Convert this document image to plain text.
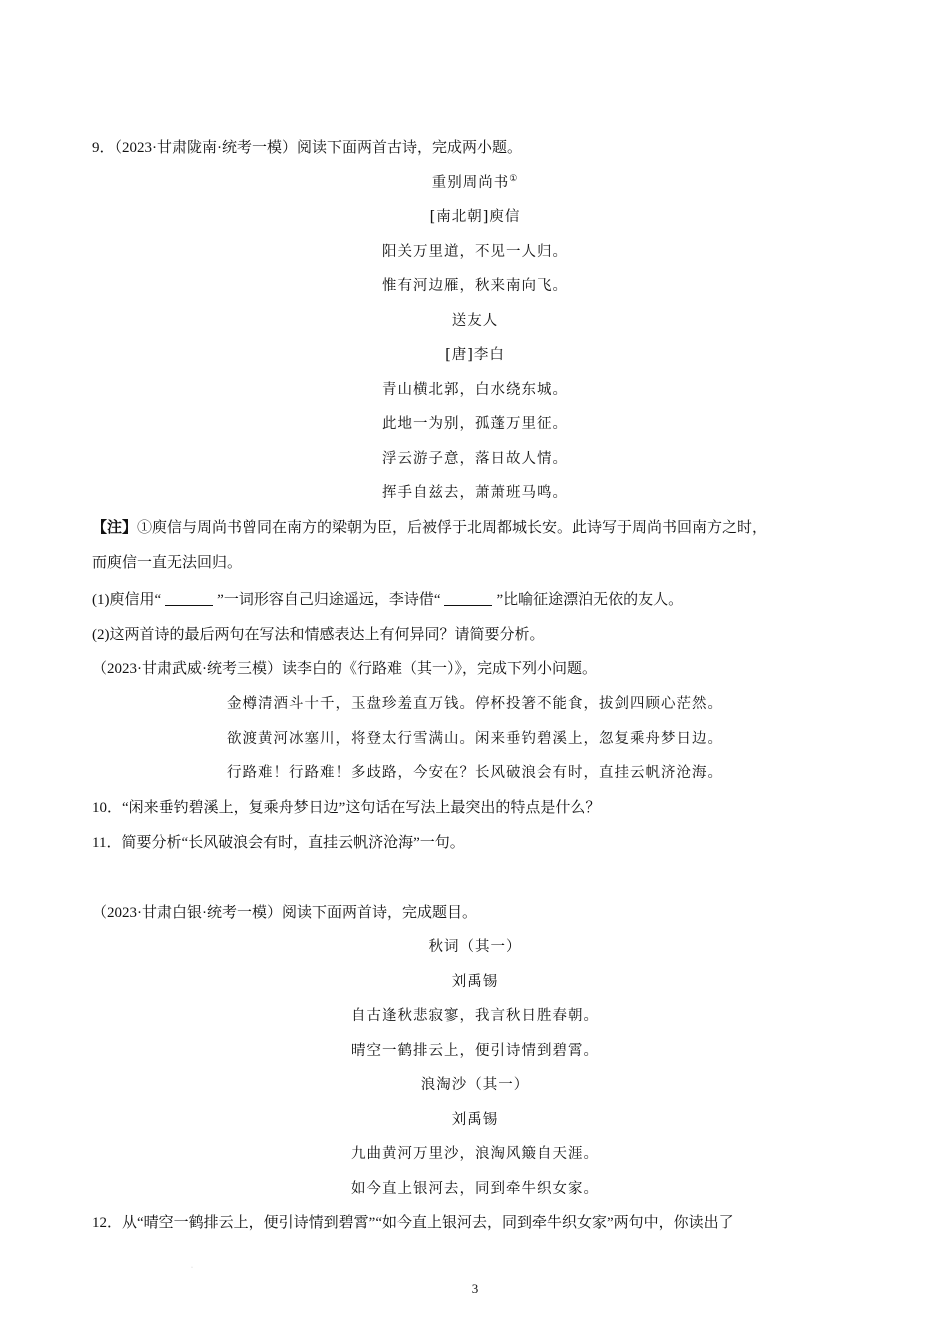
9．（2023·甘肃陇南·统考一模）阅读下面两首古诗，完成两小题。
重别周尚书①
[南北朝]庾信
阳关万里道，不见一人归。
惟有河边雁，秋来南向飞。
送友人
[唐]李白
青山横北郭，白水绕东城。
此地一为别，孤蓬万里征。
浮云游子意，落日故人情。
挥手自兹去，萧萧班马鸣。
【注】①庾信与周尚书曾同在南方的梁朝为臣，后被俘于北周都城长安。此诗写于周尚书回南方之时，
而庾信一直无法回归。
(1)庾信用“	”一词形容自己归途遥远，李诗借“	”比喻征途漂泊无依的友人。
(2)这两首诗的最后两句在写法和情感表达上有何异同？请简要分析。
（2023·甘肃武威·统考三模）读李白的《行路难（其一）》，完成下列小问题。
金樽清酒斗十千，玉盘珍羞直万钱。停杯投箸不能食，拔剑四顾心茫然。
欲渡黄河冰塞川，将登太行雪满山。闲来垂钓碧溪上，忽复乘舟梦日边。
行路难！行路难！多歧路，今安在？长风破浪会有时，直挂云帆济沧海。
10．“闲来垂钓碧溪上，复乘舟梦日边”这句话在写法上最突出的特点是什么？
11．简要分析“长风破浪会有时，直挂云帆济沧海”一句。
（2023·甘肃白银·统考一模）阅读下面两首诗，完成题目。
秋词（其一）
刘禹锡
自古逢秋悲寂寥，我言秋日胜春朝。
晴空一鹤排云上，便引诗情到碧霄。
浪淘沙（其一）
刘禹锡
九曲黄河万里沙，浪淘风簸自天涯。
如今直上银河去，同到牵牛织女家。
12．从“晴空一鹤排云上，便引诗情到碧霄”“如今直上银河去，同到牵牛织女家”两句中，你读出了
·
3
